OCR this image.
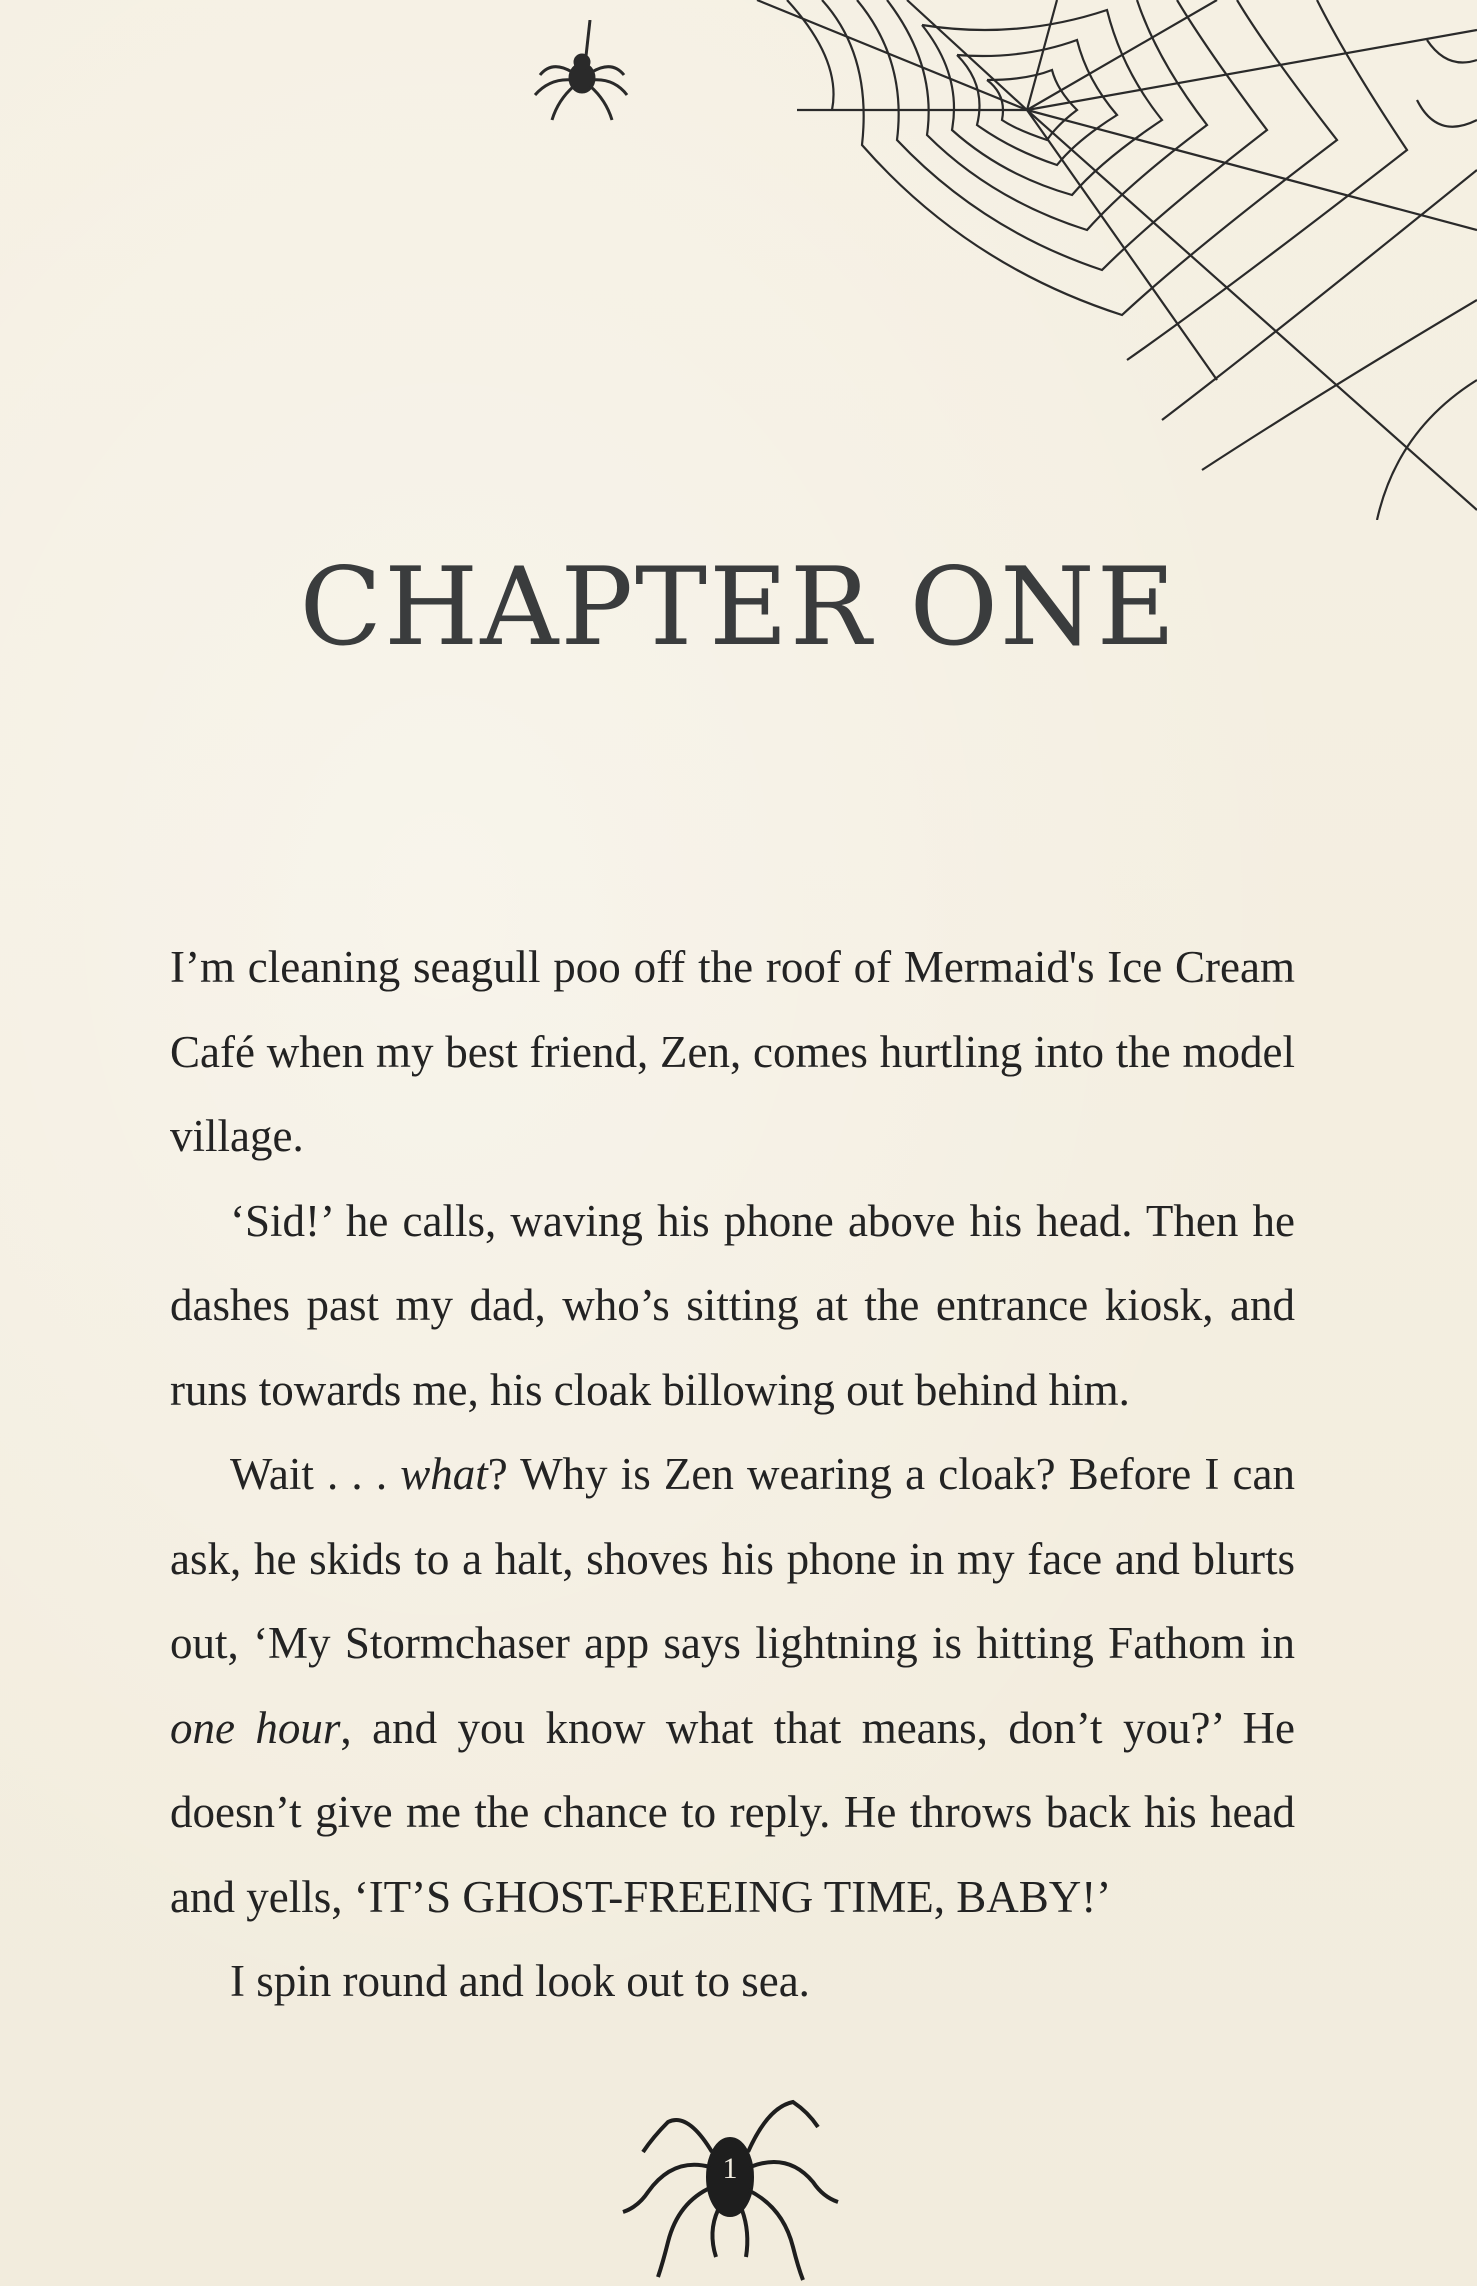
CHAPTER ONE

I’m cleaning seagull poo off the roof of Mermaid's Ice Cream Café when my best friend, Zen, comes hurtling into the model village.

‘Sid!’ he calls, waving his phone above his head. Then he dashes past my dad, who’s sitting at the entrance kiosk, and runs towards me, his cloak billowing out behind him.

Wait . . . what? Why is Zen wearing a cloak? Before I can ask, he skids to a halt, shoves his phone in my face and blurts out, ‘My Stormchaser app says lightning is hitting Fathom in one hour, and you know what that means, don’t you?’ He doesn’t give me the chance to reply. He throws back his head and yells, ‘IT’S GHOST-FREEING TIME, BABY!’

I spin round and look out to sea.

1
